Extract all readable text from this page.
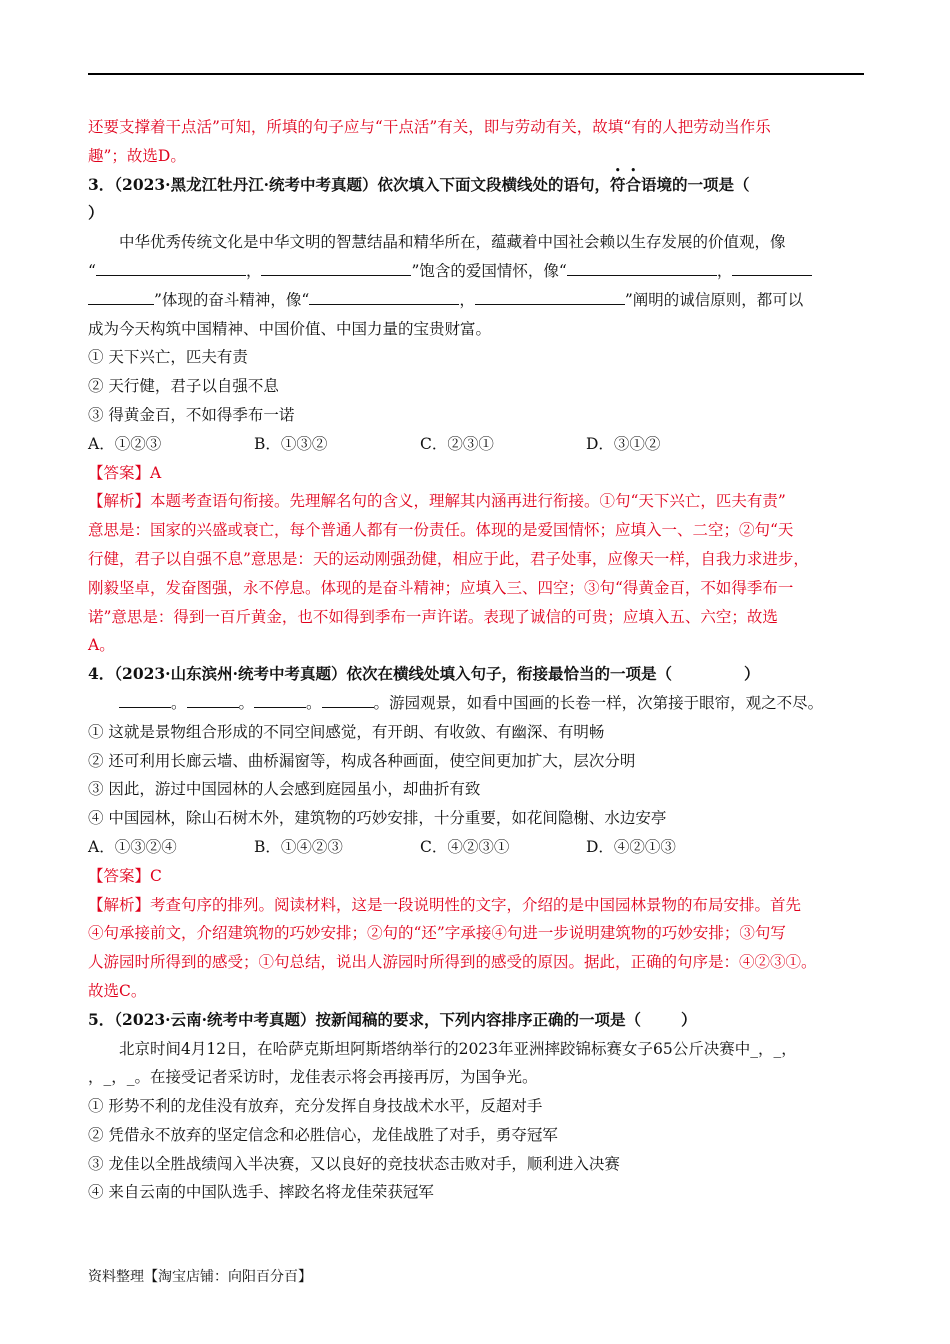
还要支撑着干点活”可知，所填的句子应与“干点活”有关，即与劳动有关，故填“有的人把劳动当作乐

趣”；故选D。

3．（2023·黑龙江牡丹江·统考中考真题）依次填入下面文段横线处的语句，符合语境的一项是（

）

中华优秀传统文化是中华文明的智慧结晶和精华所在，蕴藏着中国社会赖以生存发展的价值观，像

“	，	”饱含的爱国情怀，像“	，

”体现的奋斗精神，像“	，	”阐明的诚信原则，都可以

成为今天构筑中国精神、中国价值、中国力量的宝贵财富。

① 天下兴亡，匹夫有责

② 天行健，君子以自强不息

③ 得黄金百，不如得季布一诺

A．①②③	B．①③②	C．②③①	D．③①②

【答案】A

【解析】本题考查语句衔接。先理解名句的含义，理解其内涵再进行衔接。①句“天下兴亡，匹夫有责”

意思是：国家的兴盛或衰亡，每个普通人都有一份责任。体现的是爱国情怀；应填入一、二空；②句“天

行健，君子以自强不息”意思是：天的运动刚强劲健，相应于此，君子处事，应像天一样，自我力求进步，

刚毅坚卓，发奋图强，永不停息。体现的是奋斗精神；应填入三、四空；③句“得黄金百，不如得季布一

诺”意思是：得到一百斤黄金，也不如得到季布一声许诺。表现了诚信的可贵；应填入五、六空；故选

A。

4．（2023·山东滨州·统考中考真题）依次在横线处填入句子，衔接最恰当的一项是（	）

。	。	。	。游园观景，如看中国画的长卷一样，次第接于眼帘，观之不尽。

① 这就是景物组合形成的不同空间感觉，有开朗、有收敛、有幽深、有明畅

② 还可利用长廊云墙、曲桥漏窗等，构成各种画面，使空间更加扩大，层次分明

③ 因此，游过中国园林的人会感到庭园虽小，却曲折有致

④ 中国园林，除山石树木外，建筑物的巧妙安排，十分重要，如花间隐榭、水边安亭

A．①③②④	B．①④②③	C．④②③①	D．④②①③

【答案】C

【解析】考查句序的排列。阅读材料，这是一段说明性的文字，介绍的是中国园林景物的布局安排。首先

④句承接前文，介绍建筑物的巧妙安排；②句的“还”字承接④句进一步说明建筑物的巧妙安排；③句写

人游园时所得到的感受；①句总结，说出人游园时所得到的感受的原因。据此，正确的句序是：④②③①。

故选C。

5．（2023·云南·统考中考真题）按新闻稿的要求，下列内容排序正确的一项是（	）

北京时间4月12日，在哈萨克斯坦阿斯塔纳举行的2023年亚洲摔跤锦标赛女子65公斤决赛中_，_，

，_，_。在接受记者采访时，龙佳表示将会再接再厉，为国争光。

① 形势不利的龙佳没有放弃，充分发挥自身技战术水平，反超对手

② 凭借永不放弃的坚定信念和必胜信心，龙佳战胜了对手，勇夺冠军

③ 龙佳以全胜战绩闯入半决赛，又以良好的竞技状态击败对手，顺利进入决赛

④ 来自云南的中国队选手、摔跤名将龙佳荣获冠军

资料整理【淘宝店铺：向阳百分百】
